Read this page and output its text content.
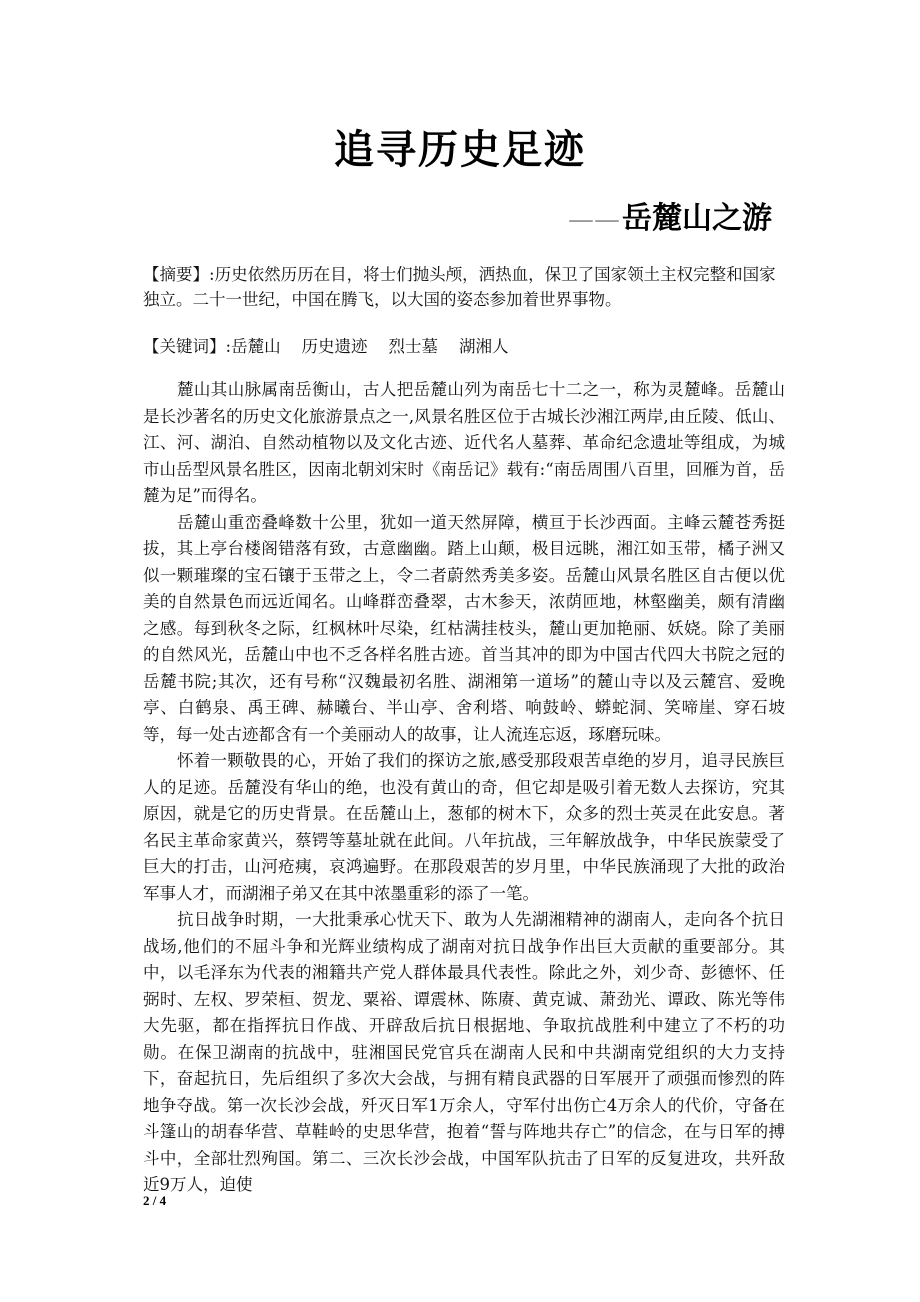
追寻历史足迹
——岳麓山之游
【摘要】:历史依然历历在目，将士们抛头颅，洒热血，保卫了国家领土主权完整和国家独立。二十一世纪，中国在腾飞，以大国的姿态参加着世界事物。
【关键词】:岳麓山    历史遗迹    烈士墓    湖湘人

麓山其山脉属南岳衡山，古人把岳麓山列为南岳七十二之一，称为灵麓峰。岳麓山是长沙著名的历史文化旅游景点之一,风景名胜区位于古城长沙湘江两岸,由丘陵、低山、江、河、湖泊、自然动植物以及文化古迹、近代名人墓葬、革命纪念遗址等组成，为城市山岳型风景名胜区，因南北朝刘宋时《南岳记》载有:“南岳周围八百里，回雁为首，岳麓为足”而得名。

岳麓山重峦叠峰数十公里，犹如一道天然屏障，横亘于长沙西面。主峰云麓苍秀挺拔，其上亭台楼阁错落有致，古意幽幽。踏上山颠，极目远眺，湘江如玉带，橘子洲又似一颗璀璨的宝石镶于玉带之上，令二者蔚然秀美多姿。岳麓山风景名胜区自古便以优美的自然景色而远近闻名。山峰群峦叠翠，古木参天，浓荫匝地，林壑幽美，颇有清幽之感。每到秋冬之际，红枫林叶尽染，红枯满挂枝头，麓山更加艳丽、妖娆。除了美丽的自然风光，岳麓山中也不乏各样名胜古迹。首当其冲的即为中国古代四大书院之冠的岳麓书院;其次，还有号称“汉魏最初名胜、湖湘第一道场”的麓山寺以及云麓宫、爱晚亭、白鹤泉、禹王碑、赫曦台、半山亭、舍利塔、响鼓岭、蟒蛇洞、笑啼崖、穿石坡等，每一处古迹都含有一个美丽动人的故事，让人流连忘返，琢磨玩味。

怀着一颗敬畏的心，开始了我们的探访之旅,感受那段艰苦卓绝的岁月，追寻民族巨人的足迹。岳麓没有华山的绝，也没有黄山的奇，但它却是吸引着无数人去探访，究其原因，就是它的历史背景。在岳麓山上，葱郁的树木下，众多的烈士英灵在此安息。著名民主革命家黄兴，蔡锷等墓址就在此间。八年抗战，三年解放战争，中华民族蒙受了巨大的打击，山河疮痍，哀鸿遍野。在那段艰苦的岁月里，中华民族涌现了大批的政治军事人才，而湖湘子弟又在其中浓墨重彩的添了一笔。

抗日战争时期，一大批秉承心忧天下、敢为人先湖湘精神的湖南人，走向各个抗日战场,他们的不屈斗争和光辉业绩构成了湖南对抗日战争作出巨大贡献的重要部分。其中，以毛泽东为代表的湘籍共产党人群体最具代表性。除此之外，刘少奇、彭德怀、任弼时、左权、罗荣桓、贺龙、粟裕、谭震林、陈赓、黄克诚、萧劲光、谭政、陈光等伟大先驱，都在指挥抗日作战、开辟敌后抗日根据地、争取抗战胜利中建立了不朽的功勋。在保卫湖南的抗战中，驻湘国民党官兵在湖南人民和中共湖南党组织的大力支持下，奋起抗日，先后组织了多次大会战，与拥有精良武器的日军展开了顽强而惨烈的阵地争夺战。第一次长沙会战，歼灭日军1万余人，守军付出伤亡4万余人的代价，守备在斗篷山的胡春华营、草鞋岭的史思华营，抱着“誓与阵地共存亡”的信念，在与日军的搏斗中，全部壮烈殉国。第二、三次长沙会战，中国军队抗击了日军的反复进攻，共歼敌近9万人，迫使

2 / 4
